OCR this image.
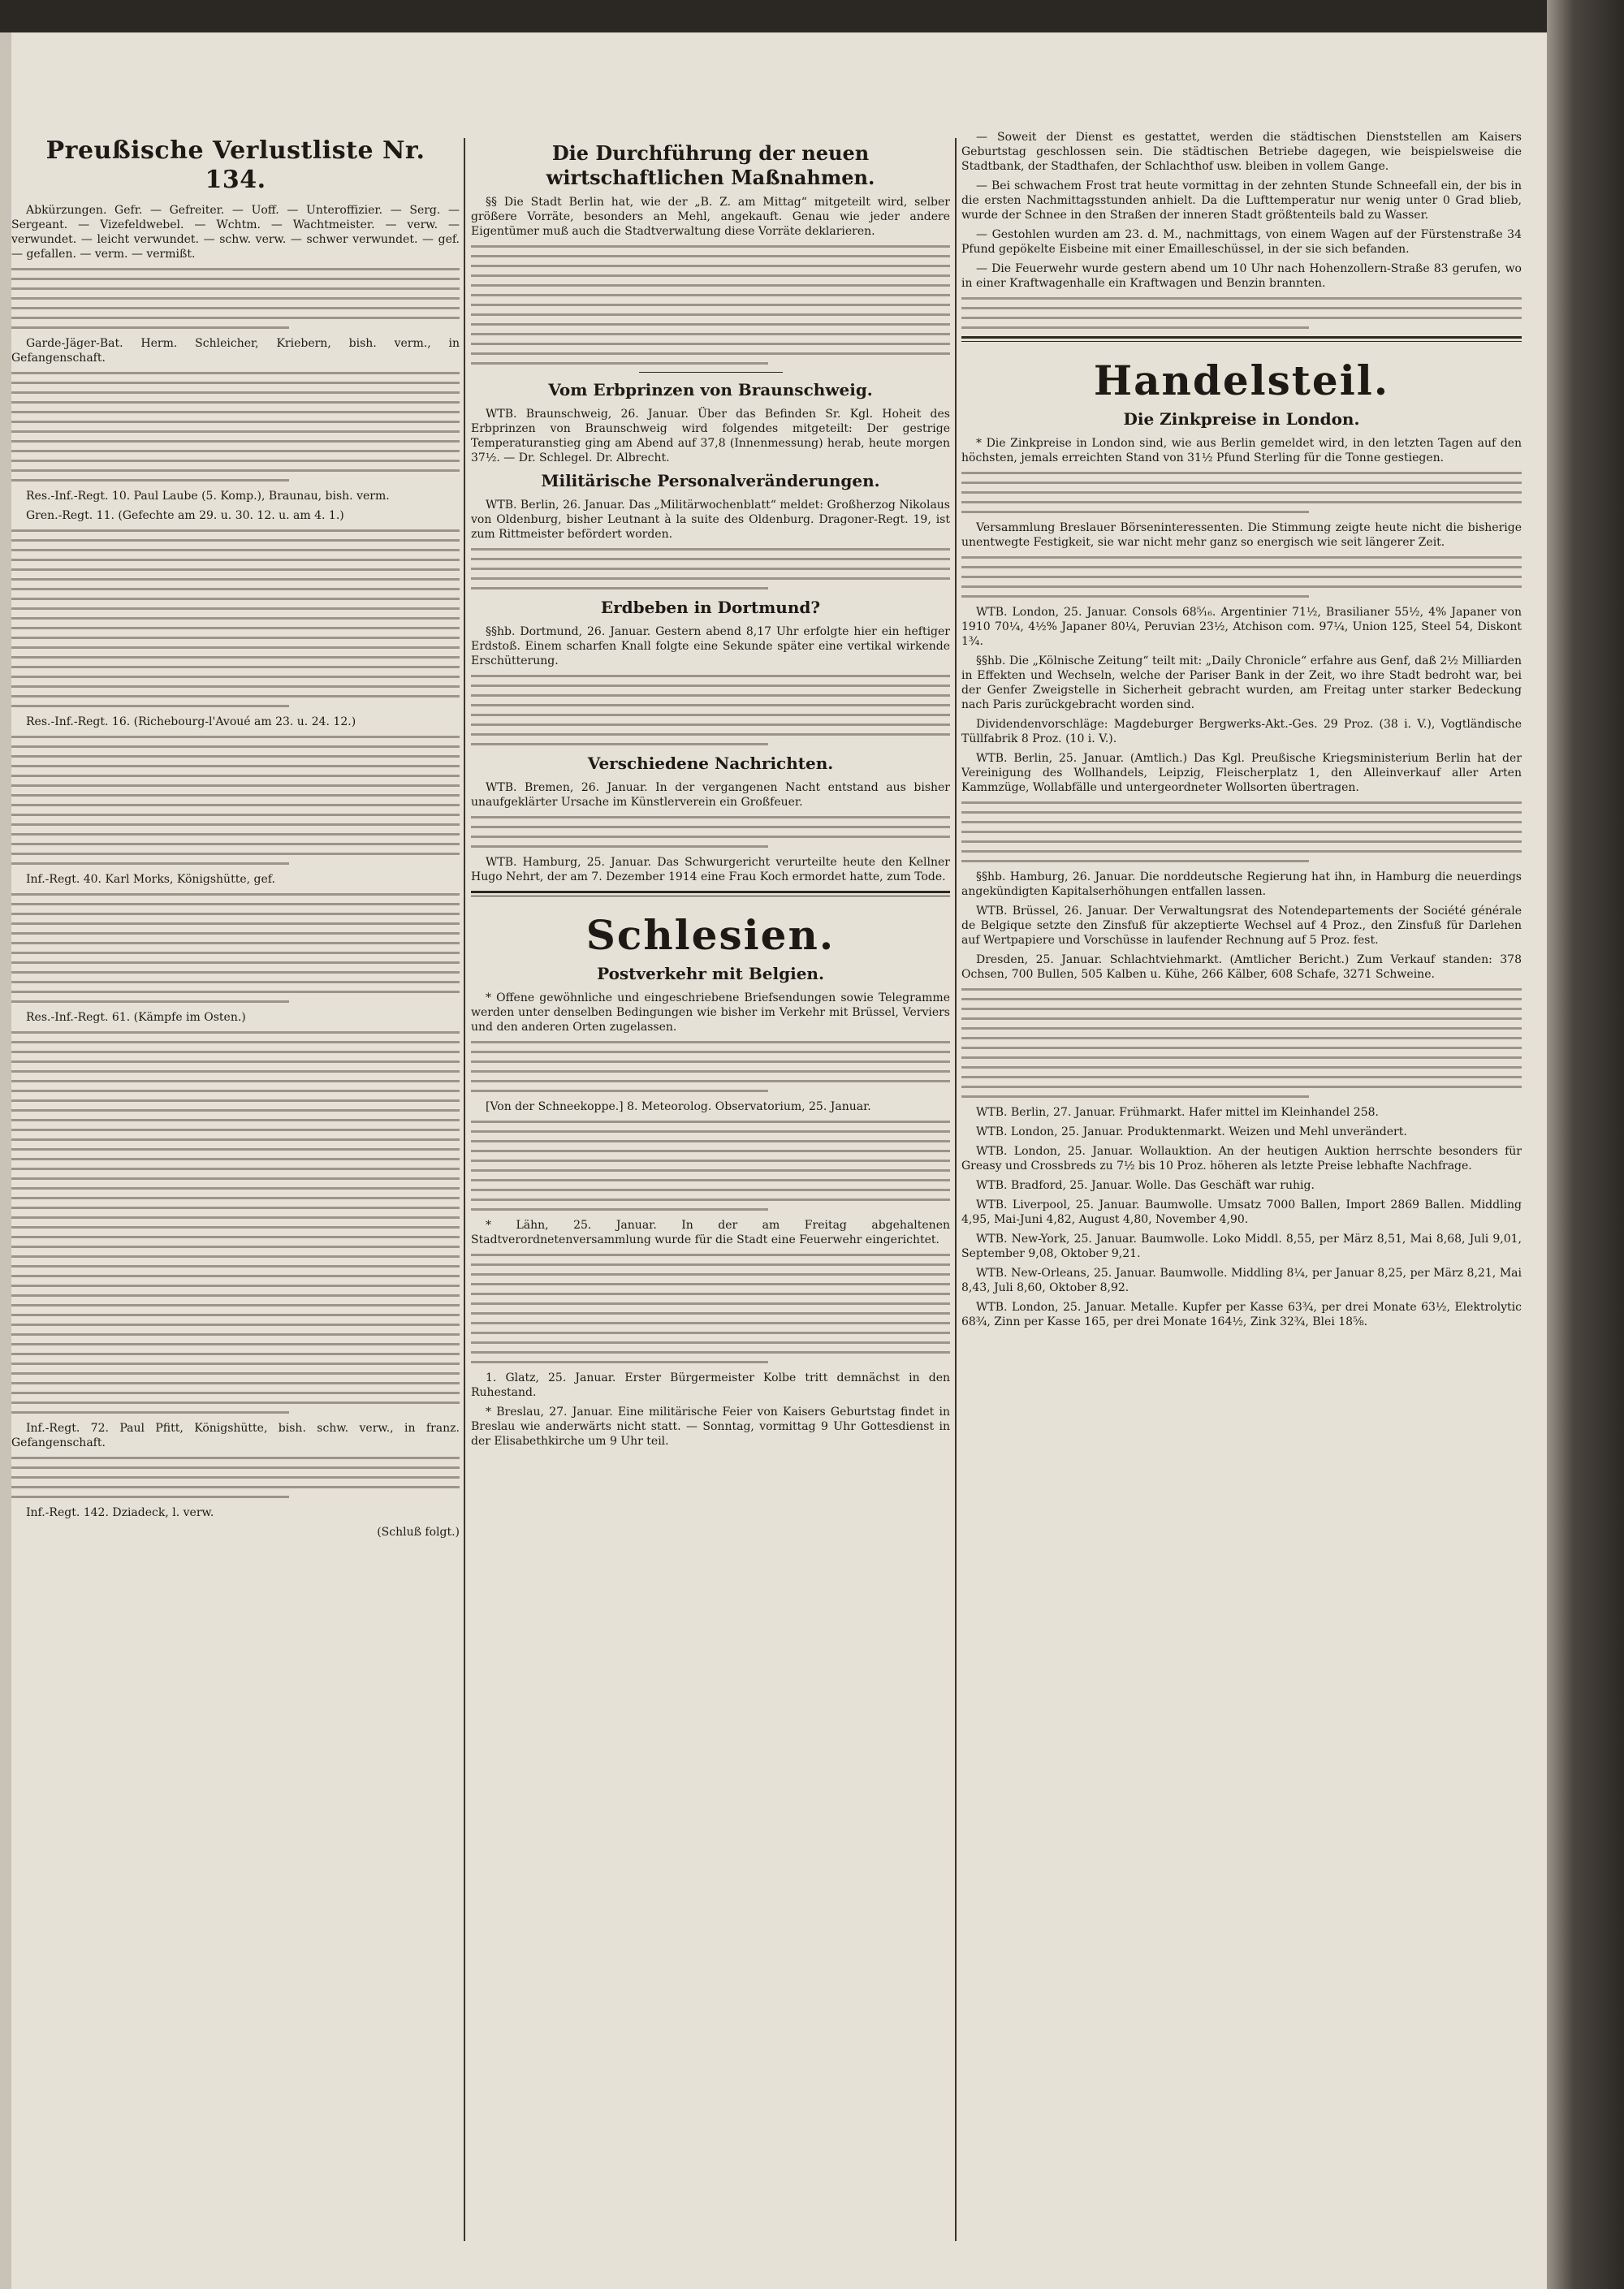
Preußische Verlustliste Nr. 134.

Abkürzungen. Gefr. — Gefreiter. — Uoff. — Unteroffizier. — Serg. — Sergeant. — Vizefeldwebel. — Wchtm. — Wachtmeister. — verw. — verwundet. — leicht verwundet. — schw. verw. — schwer verwundet. — gef. — gefallen. — verm. — vermißt.

Garde-Jäger-Bat. Herm. Schleicher, Kriebern, bish. verm., in Gefangenschaft.

Res.-Inf.-Regt. 10. Paul Laube (5. Komp.), Braunau, bish. verm.

Gren.-Regt. 11. (Gefechte am 29. u. 30. 12. u. am 4. 1.)

Res.-Inf.-Regt. 16. (Richebourg-l'Avoué am 23. u. 24. 12.)

Inf.-Regt. 40. Karl Morks, Königshütte, gef.

Res.-Inf.-Regt. 61. (Kämpfe im Osten.)

Inf.-Regt. 72. Paul Pfitt, Königshütte, bish. schw. verw., in franz. Gefangenschaft.

Inf.-Regt. 142. Dziadeck, l. verw.

(Schluß folgt.)

Die Durchführung der neuen wirtschaftlichen Maßnahmen.

§§ Die Stadt Berlin hat, wie der „B. Z. am Mittag“ mitgeteilt wird, selber größere Vorräte, besonders an Mehl, angekauft. Genau wie jeder andere Eigentümer muß auch die Stadtverwaltung diese Vorräte deklarieren.

Vom Erbprinzen von Braunschweig.

WTB. Braunschweig, 26. Januar. Über das Befinden Sr. Kgl. Hoheit des Erbprinzen von Braunschweig wird folgendes mitgeteilt: Der gestrige Temperaturanstieg ging am Abend auf 37,8 (Innenmessung) herab, heute morgen 37½. — Dr. Schlegel. Dr. Albrecht.

Militärische Personalveränderungen.

WTB. Berlin, 26. Januar. Das „Militärwochenblatt“ meldet: Großherzog Nikolaus von Oldenburg, bisher Leutnant à la suite des Oldenburg. Dragoner-Regt. 19, ist zum Rittmeister befördert worden.

Erdbeben in Dortmund?

§§hb. Dortmund, 26. Januar. Gestern abend 8,17 Uhr erfolgte hier ein heftiger Erdstoß. Einem scharfen Knall folgte eine Sekunde später eine vertikal wirkende Erschütterung.

Verschiedene Nachrichten.

WTB. Bremen, 26. Januar. In der vergangenen Nacht entstand aus bisher unaufgeklärter Ursache im Künstlerverein ein Großfeuer.

WTB. Hamburg, 25. Januar. Das Schwurgericht verurteilte heute den Kellner Hugo Nehrt, der am 7. Dezember 1914 eine Frau Koch ermordet hatte, zum Tode.

Schlesien.
Postverkehr mit Belgien.

* Offene gewöhnliche und eingeschriebene Briefsendungen sowie Telegramme werden unter denselben Bedingungen wie bisher im Verkehr mit Brüssel, Verviers und den anderen Orten zugelassen.

[Von der Schneekoppe.] 8. Meteorolog. Observatorium, 25. Januar.

* Lähn, 25. Januar. In der am Freitag abgehaltenen Stadtverordnetenversammlung wurde für die Stadt eine Feuerwehr eingerichtet.

1. Glatz, 25. Januar. Erster Bürgermeister Kolbe tritt demnächst in den Ruhestand.

* Breslau, 27. Januar. Eine militärische Feier von Kaisers Geburtstag findet in Breslau wie anderwärts nicht statt. — Sonntag, vormittag 9 Uhr Gottesdienst in der Elisabethkirche um 9 Uhr teil.

— Soweit der Dienst es gestattet, werden die städtischen Dienststellen am Kaisers Geburtstag geschlossen sein. Die städtischen Betriebe dagegen, wie beispielsweise die Stadtbank, der Stadthafen, der Schlachthof usw. bleiben in vollem Gange.

— Bei schwachem Frost trat heute vormittag in der zehnten Stunde Schneefall ein, der bis in die ersten Nachmittagsstunden anhielt. Da die Lufttemperatur nur wenig unter 0 Grad blieb, wurde der Schnee in den Straßen der inneren Stadt größtenteils bald zu Wasser.

— Gestohlen wurden am 23. d. M., nachmittags, von einem Wagen auf der Fürstenstraße 34 Pfund gepökelte Eisbeine mit einer Emailleschüssel, in der sie sich befanden.

— Die Feuerwehr wurde gestern abend um 10 Uhr nach Hohenzollern-Straße 83 gerufen, wo in einer Kraftwagenhalle ein Kraftwagen und Benzin brannten.

Handelsteil.
Die Zinkpreise in London.

* Die Zinkpreise in London sind, wie aus Berlin gemeldet wird, in den letzten Tagen auf den höchsten, jemals erreichten Stand von 31½ Pfund Sterling für die Tonne gestiegen.

Versammlung Breslauer Börseninteressenten. Die Stimmung zeigte heute nicht die bisherige unentwegte Festigkeit, sie war nicht mehr ganz so energisch wie seit längerer Zeit.

WTB. London, 25. Januar. Consols 68⁵⁄₁₆. Argentinier 71½, Brasilianer 55½, 4% Japaner von 1910 70¼, 4½% Japaner 80¼, Peruvian 23½, Atchison com. 97¼, Union 125, Steel 54, Diskont 1¾.

§§hb. Die „Kölnische Zeitung“ teilt mit: „Daily Chronicle“ erfahre aus Genf, daß 2½ Milliarden in Effekten und Wechseln, welche der Pariser Bank in der Zeit, wo ihre Stadt bedroht war, bei der Genfer Zweigstelle in Sicherheit gebracht wurden, am Freitag unter starker Bedeckung nach Paris zurückgebracht worden sind.

Dividendenvorschläge: Magdeburger Bergwerks-Akt.-Ges. 29 Proz. (38 i. V.), Vogtländische Tüllfabrik 8 Proz. (10 i. V.).

WTB. Berlin, 25. Januar. (Amtlich.) Das Kgl. Preußische Kriegsministerium Berlin hat der Vereinigung des Wollhandels, Leipzig, Fleischerplatz 1, den Alleinverkauf aller Arten Kammzüge, Wollabfälle und untergeordneter Wollsorten übertragen.

§§hb. Hamburg, 26. Januar. Die norddeutsche Regierung hat ihn, in Hamburg die neuerdings angekündigten Kapitalserhöhungen entfallen lassen.

WTB. Brüssel, 26. Januar. Der Verwaltungsrat des Notendepartements der Société générale de Belgique setzte den Zinsfuß für akzeptierte Wechsel auf 4 Proz., den Zinsfuß für Darlehen auf Wertpapiere und Vorschüsse in laufender Rechnung auf 5 Proz. fest.

Dresden, 25. Januar. Schlachtviehmarkt. (Amtlicher Bericht.) Zum Verkauf standen: 378 Ochsen, 700 Bullen, 505 Kalben u. Kühe, 266 Kälber, 608 Schafe, 3271 Schweine.

WTB. Berlin, 27. Januar. Frühmarkt. Hafer mittel im Kleinhandel 258.

WTB. London, 25. Januar. Produktenmarkt. Weizen und Mehl unverändert.

WTB. London, 25. Januar. Wollauktion. An der heutigen Auktion herrschte besonders für Greasy und Crossbreds zu 7½ bis 10 Proz. höheren als letzte Preise lebhafte Nachfrage.

WTB. Bradford, 25. Januar. Wolle. Das Geschäft war ruhig.

WTB. Liverpool, 25. Januar. Baumwolle. Umsatz 7000 Ballen, Import 2869 Ballen. Middling 4,95, Mai-Juni 4,82, August 4,80, November 4,90.

WTB. New-York, 25. Januar. Baumwolle. Loko Middl. 8,55, per März 8,51, Mai 8,68, Juli 9,01, September 9,08, Oktober 9,21.

WTB. New-Orleans, 25. Januar. Baumwolle. Middling 8¼, per Januar 8,25, per März 8,21, Mai 8,43, Juli 8,60, Oktober 8,92.

WTB. London, 25. Januar. Metalle. Kupfer per Kasse 63¾, per drei Monate 63½, Elektrolytic 68¾, Zinn per Kasse 165, per drei Monate 164½, Zink 32¾, Blei 18⅝.
